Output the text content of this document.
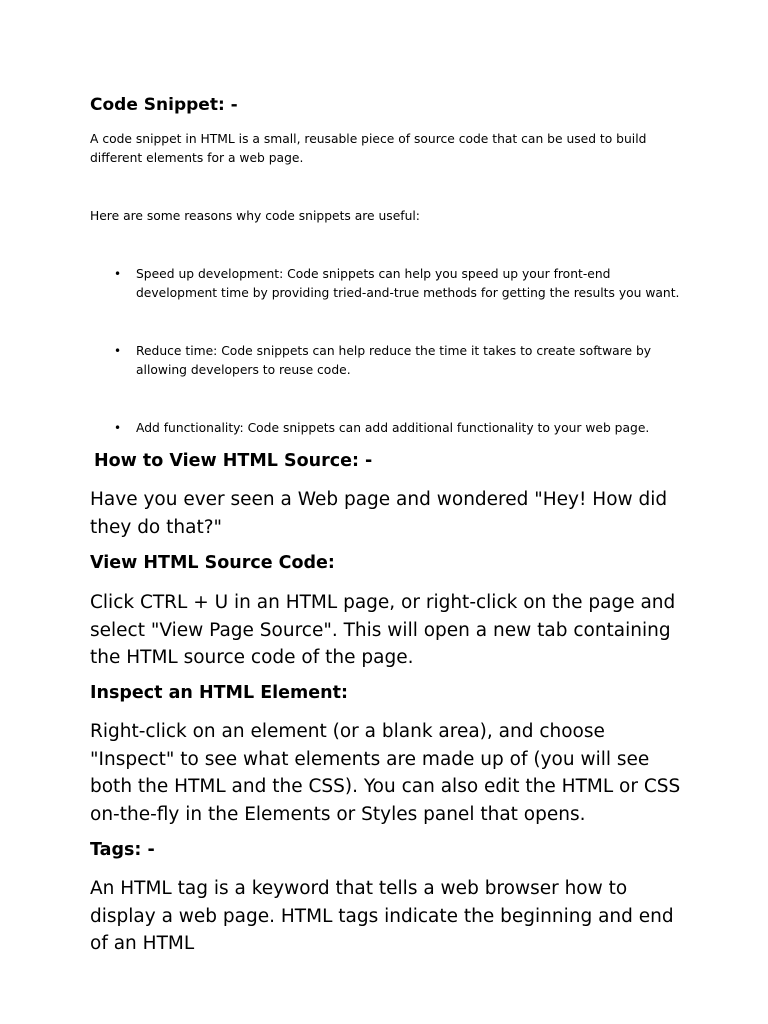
Code Snippet: -

A code snippet in HTML is a small, reusable piece of source code that can be used to build different elements for a web page.

Here are some reasons why code snippets are useful:

• Speed up development: Code snippets can help you speed up your front-end development time by providing tried-and-true methods for getting the results you want.
• Reduce time: Code snippets can help reduce the time it takes to create software by allowing developers to reuse code.
• Add functionality: Code snippets can add additional functionality to your web page.
How to View HTML Source: -

Have you ever seen a Web page and wondered "Hey! How did they do that?"

View HTML Source Code:

Click CTRL + U in an HTML page, or right-click on the page and select "View Page Source". This will open a new tab containing the HTML source code of the page.

Inspect an HTML Element:

Right-click on an element (or a blank area), and choose "Inspect" to see what elements are made up of (you will see both the HTML and the CSS). You can also edit the HTML or CSS on-the-fly in the Elements or Styles panel that opens.

Tags: -

An HTML tag is a keyword that tells a web browser how to display a web page. HTML tags indicate the beginning and end of an HTML
